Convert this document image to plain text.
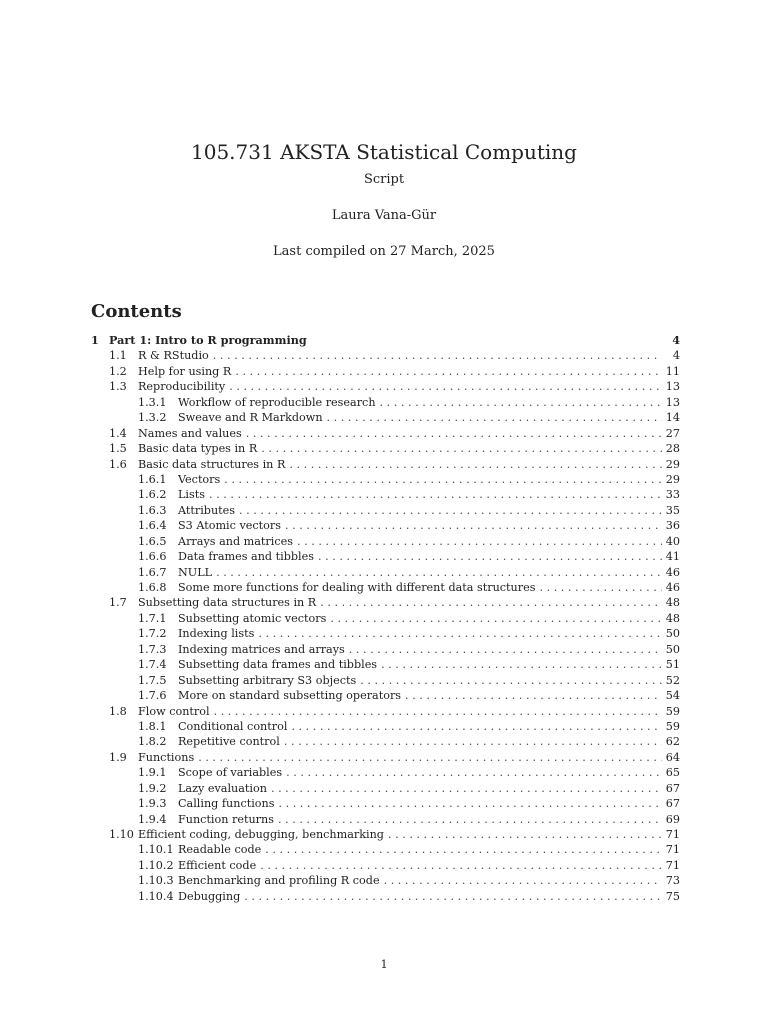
105.731 AKSTA Statistical Computing
Script
Laura Vana-Gür
Last compiled on 27 March, 2025
Contents
1 Part 1: Intro to R programming	4
1.1	R & RStudio . . .	4
1.2	Help for using R . . .	11
1.3	Reproducibility . . .	13
1.3.1	Workflow of reproducible research . . .	13
1.3.2	Sweave and R Markdown . . .	14
1.4	Names and values . . .	27
1.5	Basic data types in R . . .	28
1.6	Basic data structures in R . . .	29
1.6.1	Vectors . . .	29
1.6.2	Lists . . .	33
1.6.3	Attributes . . .	35
1.6.4	S3 Atomic vectors . . .	36
1.6.5	Arrays and matrices . . .	40
1.6.6	Data frames and tibbles . . .	41
1.6.7	NULL . . .	46
1.6.8	Some more functions for dealing with different data structures . . .	46
1.7	Subsetting data structures in R . . .	48
1.7.1	Subsetting atomic vectors . . .	48
1.7.2	Indexing lists . . .	50
1.7.3	Indexing matrices and arrays . . .	50
1.7.4	Subsetting data frames and tibbles . . .	51
1.7.5	Subsetting arbitrary S3 objects . . .	52
1.7.6	More on standard subsetting operators . . .	54
1.8	Flow control . . .	59
1.8.1	Conditional control . . .	59
1.8.2	Repetitive control . . .	62
1.9	Functions . . .	64
1.9.1	Scope of variables . . .	65
1.9.2	Lazy evaluation . . .	67
1.9.3	Calling functions . . .	67
1.9.4	Function returns . . .	69
1.10 Efficient coding, debugging, benchmarking . . .	71
1.10.1 Readable code . . .	71
1.10.2 Efficient code . . .	71
1.10.3 Benchmarking and profiling R code . . .	73
1.10.4 Debugging . . .	75
1
